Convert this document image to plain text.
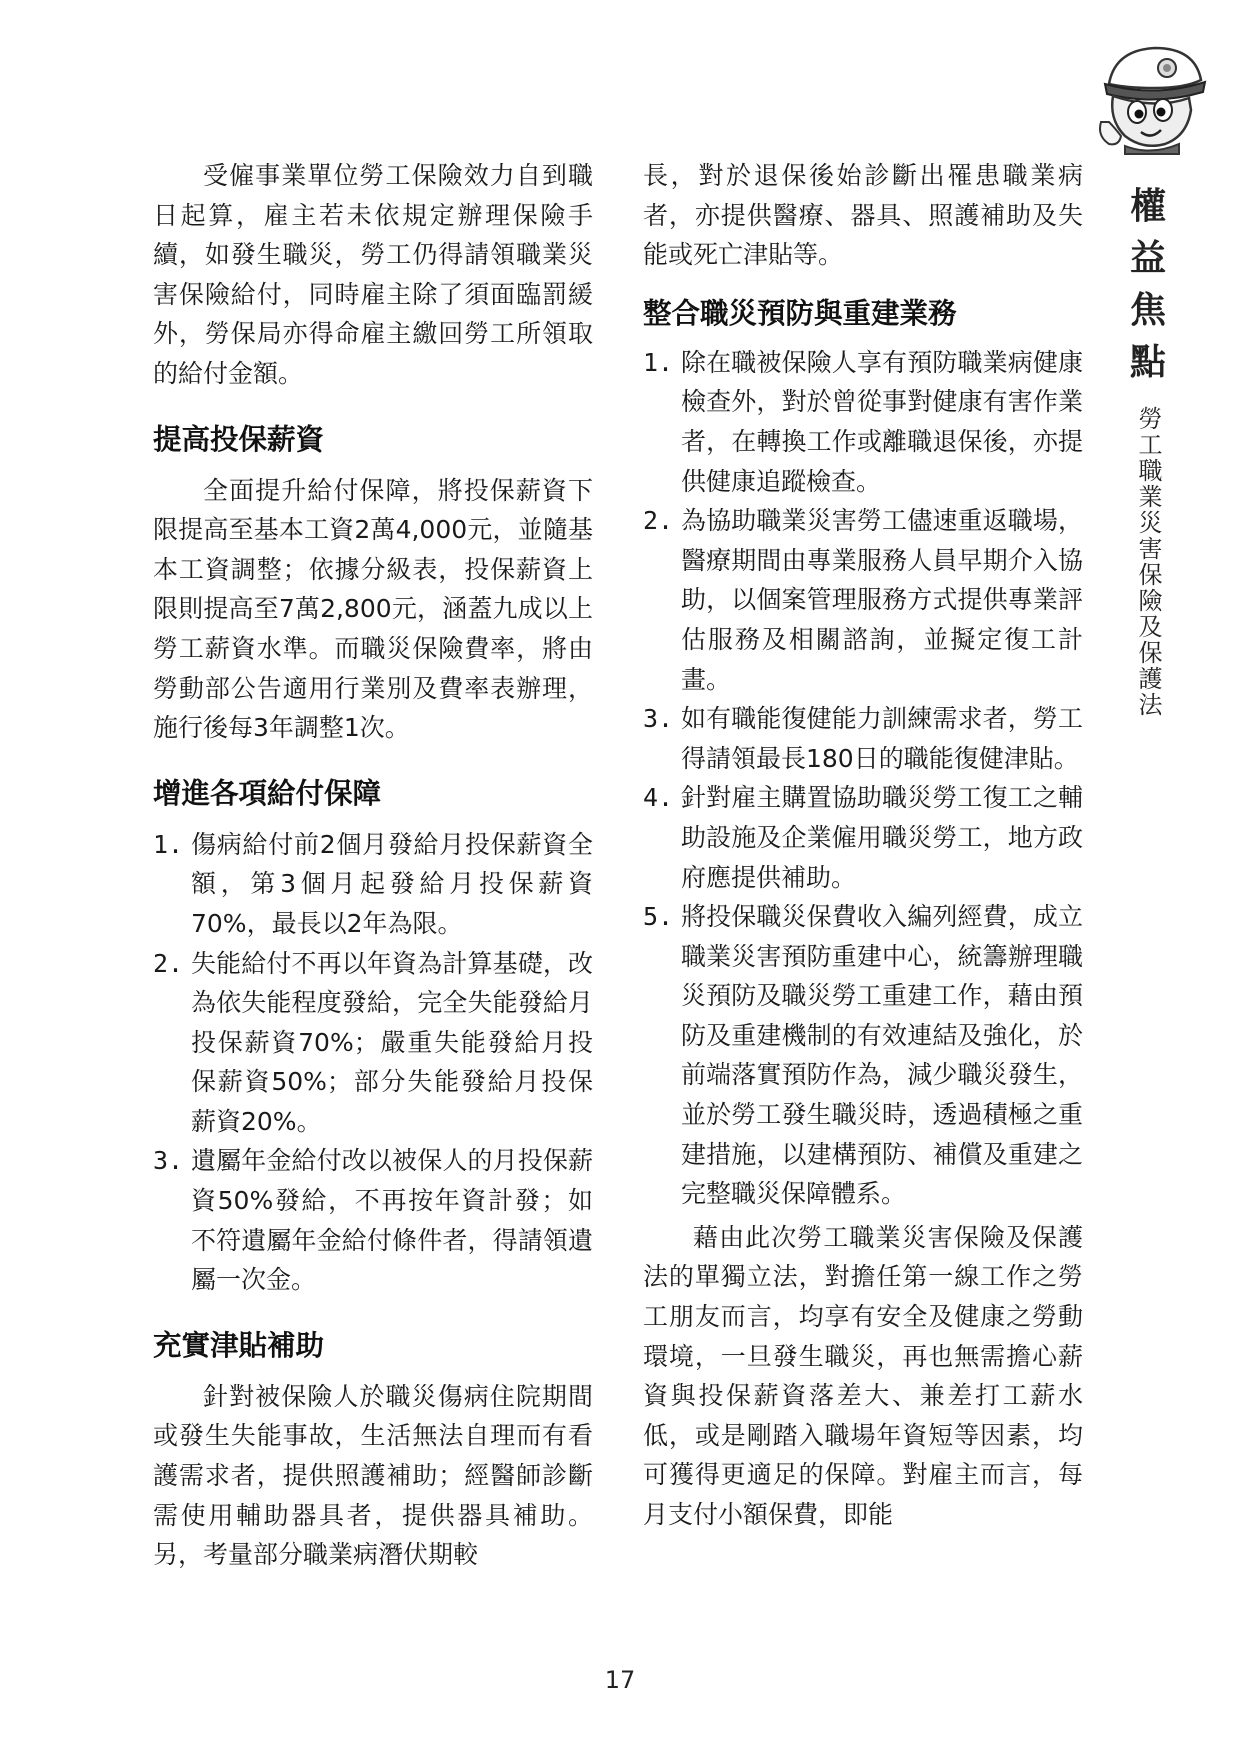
權
益
焦
點
勞工職業災害保險及保護法

受僱事業單位勞工保險效力自到職日起算，雇主若未依規定辦理保險手續，如發生職災，勞工仍得請領職業災害保險給付，同時雇主除了須面臨罰緩外，勞保局亦得命雇主繳回勞工所領取的給付金額。

提高投保薪資

全面提升給付保障，將投保薪資下限提高至基本工資2萬4,000元，並隨基本工資調整；依據分級表，投保薪資上限則提高至7萬2,800元，涵蓋九成以上勞工薪資水準。而職災保險費率，將由勞動部公告適用行業別及費率表辦理，施行後每3年調整1次。

增進各項給付保障
1. 傷病給付前2個月發給月投保薪資全額，第3個月起發給月投保薪資70%，最長以2年為限。
2. 失能給付不再以年資為計算基礎，改為依失能程度發給，完全失能發給月投保薪資70%；嚴重失能發給月投保薪資50%；部分失能發給月投保薪資20%。
3. 遺屬年金給付改以被保人的月投保薪資50%發給，不再按年資計發；如不符遺屬年金給付條件者，得請領遺屬一次金。
充實津貼補助

針對被保險人於職災傷病住院期間或發生失能事故，生活無法自理而有看護需求者，提供照護補助；經醫師診斷需使用輔助器具者，提供器具補助。另，考量部分職業病潛伏期較

長，對於退保後始診斷出罹患職業病者，亦提供醫療、器具、照護補助及失能或死亡津貼等。

整合職災預防與重建業務
1. 除在職被保險人享有預防職業病健康檢查外，對於曾從事對健康有害作業者，在轉換工作或離職退保後，亦提供健康追蹤檢查。
2. 為協助職業災害勞工儘速重返職場，醫療期間由專業服務人員早期介入協助，以個案管理服務方式提供專業評估服務及相關諮詢，並擬定復工計畫。
3. 如有職能復健能力訓練需求者，勞工得請領最長180日的職能復健津貼。
4. 針對雇主購置協助職災勞工復工之輔助設施及企業僱用職災勞工，地方政府應提供補助。
5. 將投保職災保費收入編列經費，成立職業災害預防重建中心，統籌辦理職災預防及職災勞工重建工作，藉由預防及重建機制的有效連結及強化，於前端落實預防作為，減少職災發生，並於勞工發生職災時，透過積極之重建措施，以建構預防、補償及重建之完整職災保障體系。

藉由此次勞工職業災害保險及保護法的單獨立法，對擔任第一線工作之勞工朋友而言，均享有安全及健康之勞動環境，一旦發生職災，再也無需擔心薪資與投保薪資落差大、兼差打工薪水低，或是剛踏入職場年資短等因素，均可獲得更適足的保障。對雇主而言，每月支付小額保費，即能

17
